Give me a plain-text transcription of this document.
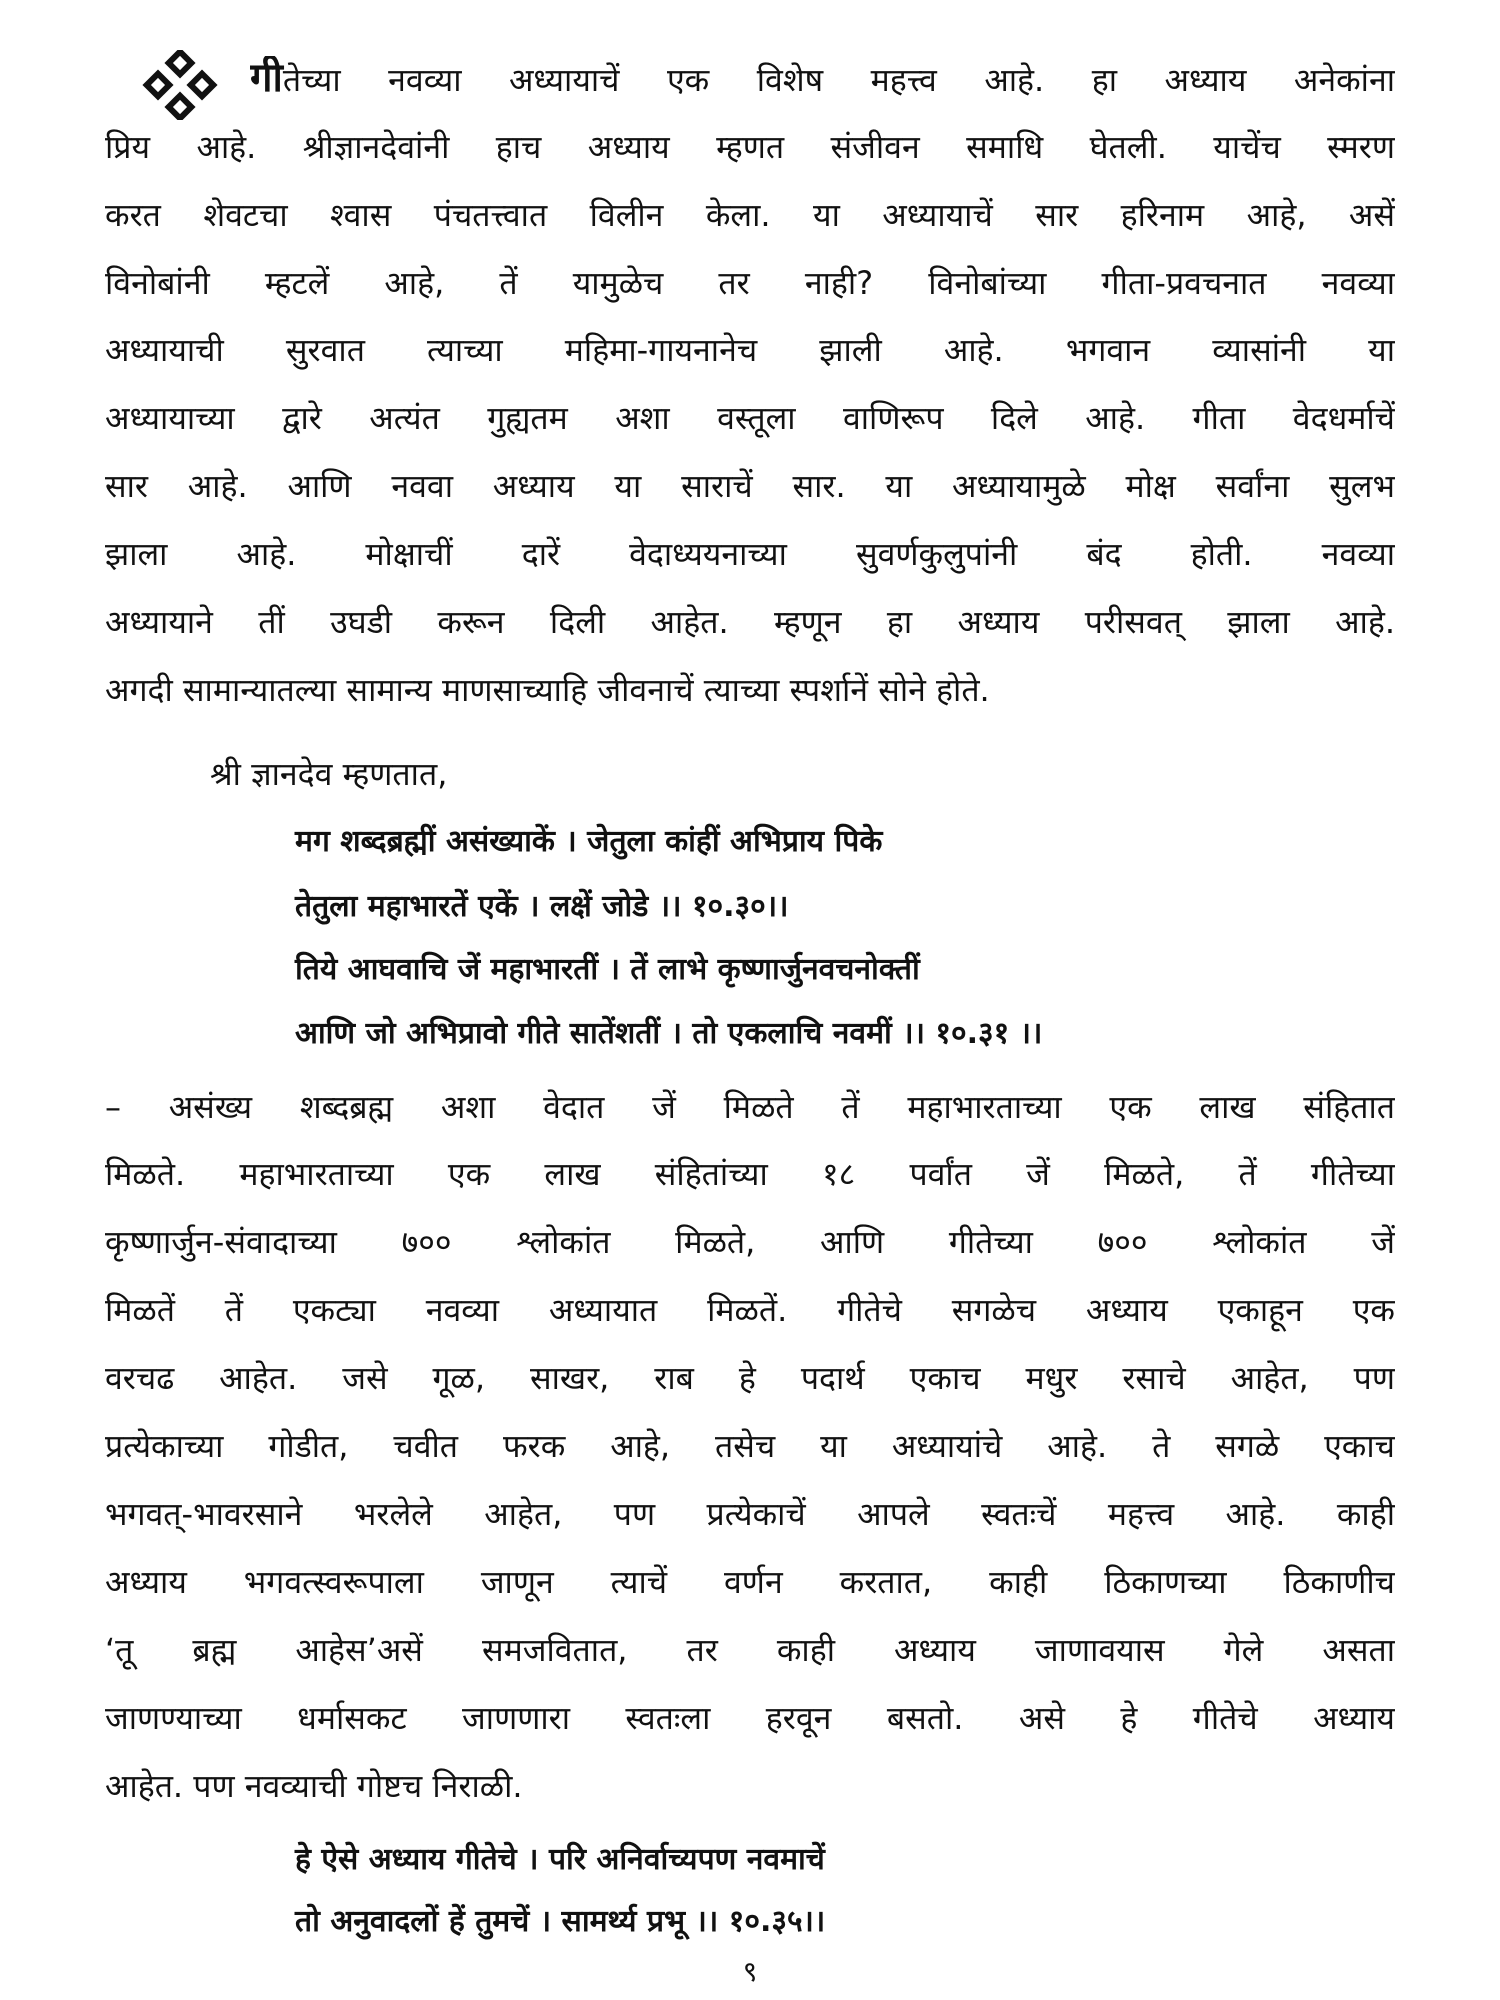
गीतेच्या नवव्या अध्यायाचें एक विशेष महत्त्व आहे. हा अध्याय अनेकांना
प्रिय आहे. श्रीज्ञानदेवांनी हाच अध्याय म्हणत संजीवन समाधि घेतली. याचेंच स्मरण
करत शेवटचा श्‍वास पंचतत्त्वात विलीन केला. या अध्यायाचें सार हरिनाम आहे, असें
विनोबांनी म्हटलें आहे, तें यामुळेच तर नाही? विनोबांच्या गीता-प्रवचनात नवव्या
अध्यायाची सुरवात त्याच्या महिमा-गायनानेच झाली आहे. भगवान व्यासांनी या
अध्यायाच्या द्वारे अत्यंत गुह्यतम अशा वस्तूला वाणिरूप दिले आहे. गीता वेदधर्माचें
सार आहे. आणि नववा अध्याय या साराचें सार. या अध्यायामुळे मोक्ष सर्वांना सुलभ
झाला आहे. मोक्षाचीं दारें वेदाध्ययनाच्या सुवर्णकुलुपांनी बंद होती. नवव्या
अध्यायाने तीं उघडी करून दिली आहेत. म्हणून हा अध्याय परीसवत् झाला आहे.
अगदी सामान्यातल्या सामान्य माणसाच्याहि जीवनाचें त्याच्या स्पर्शानें सोने होते.
श्री ज्ञानदेव म्हणतात,
मग शब्दब्रह्मीं असंख्याकें । जेतुला कांहीं अभिप्राय पिके
तेतुला महाभारतें एकें । लक्षें जोडे ।। १०.३०।।
तिये आघवाचि जें महाभारतीं । तें लाभे कृष्णार्जुनवचनोक्तीं
आणि जो अभिप्रावो गीते सातेंशतीं । तो एकलाचि नवमीं ।। १०.३१ ।।
– असंख्य शब्दब्रह्म अशा वेदात जें मिळते तें महाभारताच्या एक लाख संहितात
मिळते. महाभारताच्या एक लाख संहितांच्या १८ पर्वांत जें मिळते, तें गीतेच्या
कृष्णार्जुन-संवादाच्या ७०० श्लोकांत मिळते, आणि गीतेच्या ७०० श्लोकांत जें
मिळतें तें एकट्या नवव्या अध्यायात मिळतें. गीतेचे सगळेच अध्याय एकाहून एक
वरचढ आहेत. जसे गूळ, साखर, राब हे पदार्थ एकाच मधुर रसाचे आहेत, पण
प्रत्येकाच्या गोडीत, चवीत फरक आहे, तसेच या अध्यायांचे आहे. ते सगळे एकाच
भगवत्-भावरसाने भरलेले आहेत, पण प्रत्येकाचें आपले स्वतःचें महत्त्व आहे. काही
अध्याय भगवत्स्वरूपाला जाणून त्याचें वर्णन करतात, काही ठिकाणच्या ठिकाणीच
‘तू ब्रह्म आहेस’असें समजवितात, तर काही अध्याय जाणावयास गेले असता
जाणण्याच्या धर्मासकट जाणणारा स्वतःला हरवून बसतो. असे हे गीतेचे अध्याय
आहेत. पण नवव्याची गोष्टच निराळी.
हे ऐसे अध्याय गीतेचे । परि अनिर्वाच्यपण नवमाचें
तो अनुवादलों हें तुमचें । सामर्थ्य प्रभू ।। १०.३५।।
९
